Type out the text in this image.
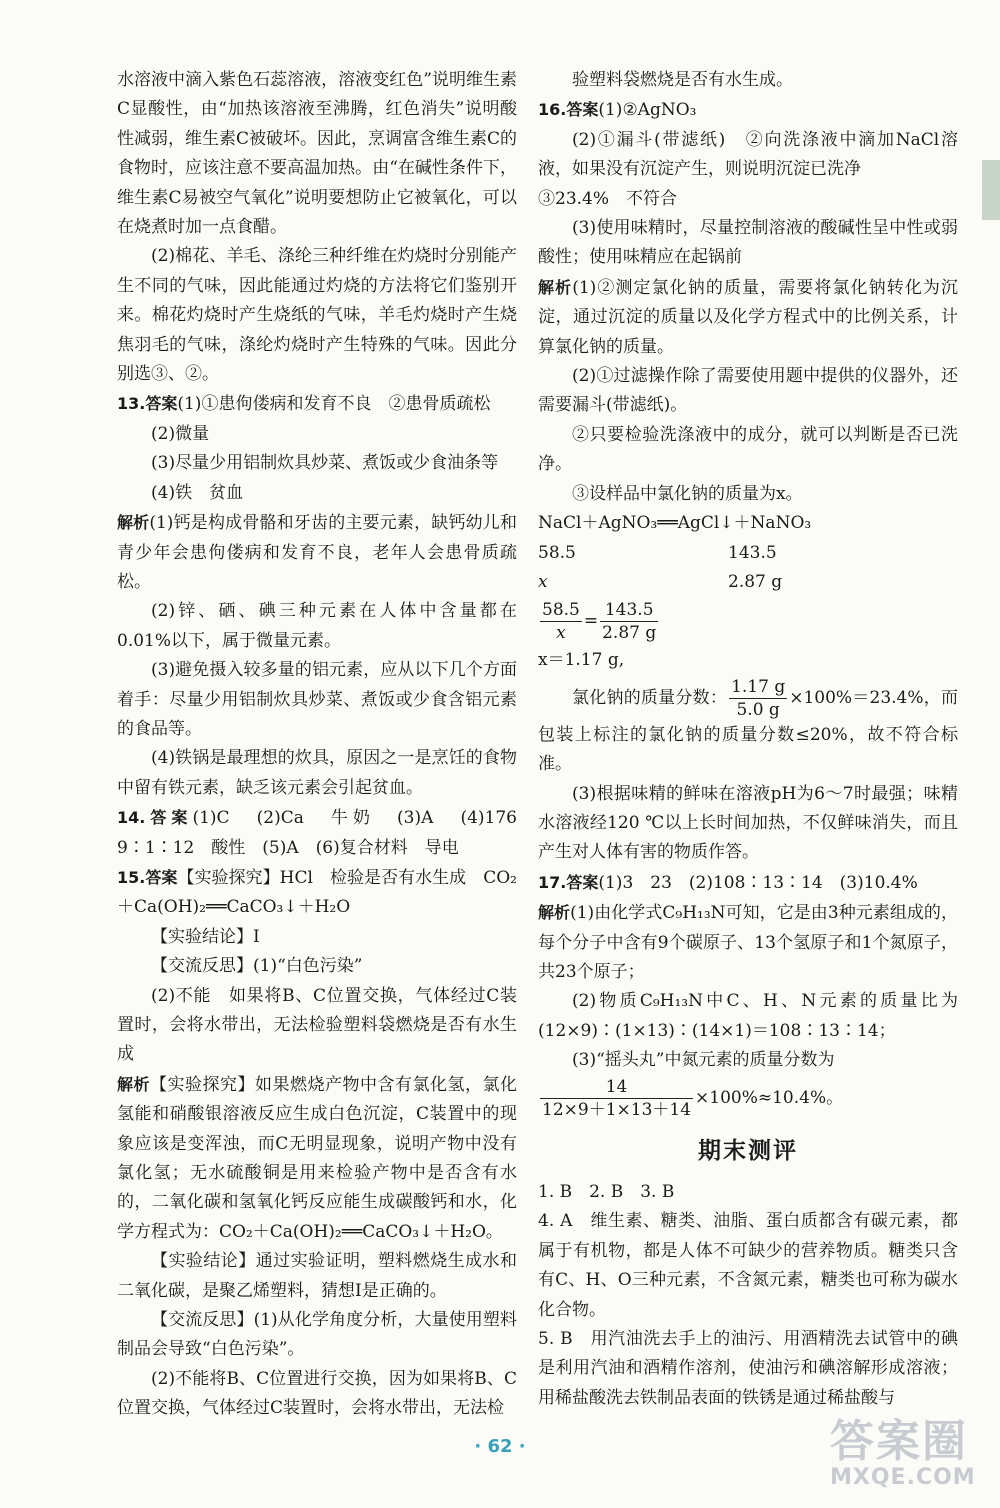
水溶液中滴入紫色石蕊溶液，溶液变红色”说明维生素C显酸性，由“加热该溶液至沸腾，红色消失”说明酸性减弱，维生素C被破坏。因此，烹调富含维生素C的食物时，应该注意不要高温加热。由“在碱性条件下，维生素C易被空气氧化”说明要想防止它被氧化，可以在烧煮时加一点食醋。

(2)棉花、羊毛、涤纶三种纤维在灼烧时分别能产生不同的气味，因此能通过灼烧的方法将它们鉴别开来。棉花灼烧时产生烧纸的气味，羊毛灼烧时产生烧焦羽毛的气味，涤纶灼烧时产生特殊的气味。因此分别选③、②。

13.答案(1)①患佝偻病和发育不良　②患骨质疏松

(2)微量

(3)尽量少用铝制炊具炒菜、煮饭或少食油条等

(4)铁　贫血

解析(1)钙是构成骨骼和牙齿的主要元素，缺钙幼儿和青少年会患佝偻病和发育不良，老年人会患骨质疏松。

(2)锌、硒、碘三种元素在人体中含量都在0.01%以下，属于微量元素。

(3)避免摄入较多量的铝元素，应从以下几个方面着手：尽量少用铝制炊具炒菜、煮饭或少食含铝元素的食品等。

(4)铁锅是最理想的炊具，原因之一是烹饪的食物中留有铁元素，缺乏该元素会引起贫血。

14.答案(1)C　(2)Ca　牛奶　(3)A　(4)176　9∶1∶12　酸性　(5)A　(6)复合材料　导电

15.答案【实验探究】HCl　检验是否有水生成　CO₂＋Ca(OH)₂══CaCO₃↓＋H₂O

【实验结论】Ⅰ

【交流反思】(1)“白色污染”

(2)不能　如果将B、C位置交换，气体经过C装置时，会将水带出，无法检验塑料袋燃烧是否有水生成

解析【实验探究】如果燃烧产物中含有氯化氢，氯化氢能和硝酸银溶液反应生成白色沉淀，C装置中的现象应该是变浑浊，而C无明显现象，说明产物中没有氯化氢；无水硫酸铜是用来检验产物中是否含有水的，二氧化碳和氢氧化钙反应能生成碳酸钙和水，化学方程式为：CO₂＋Ca(OH)₂══CaCO₃↓＋H₂O。

【实验结论】通过实验证明，塑料燃烧生成水和二氧化碳，是聚乙烯塑料，猜想Ⅰ是正确的。

【交流反思】(1)从化学角度分析，大量使用塑料制品会导致“白色污染”。

(2)不能将B、C位置进行交换，因为如果将B、C位置交换，气体经过C装置时，会将水带出，无法检

验塑料袋燃烧是否有水生成。

16.答案(1)②AgNO₃

(2)①漏斗(带滤纸)　②向洗涤液中滴加NaCl溶液，如果没有沉淀产生，则说明沉淀已洗净

③23.4%　不符合

(3)使用味精时，尽量控制溶液的酸碱性呈中性或弱酸性；使用味精应在起锅前

解析(1)②测定氯化钠的质量，需要将氯化钠转化为沉淀，通过沉淀的质量以及化学方程式中的比例关系，计算氯化钠的质量。

(2)①过滤操作除了需要使用题中提供的仪器外，还需要漏斗(带滤纸)。

②只要检验洗涤液中的成分，就可以判断是否已洗净。

③设样品中氯化钠的质量为x。

NaCl＋AgNO₃══AgCl↓＋NaNO₃

58.5	143.5
x	2.87 g
$\frac{58.5}{x} = \frac{143.5}{2.87 g}$

x＝1.17 g,

氯化钠的质量分数： $\frac{1.17 g}{5.0 g} \times 100\%=23.4\%$，而包装上标注的氯化钠的质量分数≤20%，故不符合标准。

(3)根据味精的鲜味在溶液pH为6～7时最强；味精水溶液经120 ℃以上长时间加热，不仅鲜味消失，而且产生对人体有害的物质作答。

17.答案(1)3　23　(2)108∶13∶14　(3)10.4%

解析(1)由化学式C₉H₁₃N可知，它是由3种元素组成的，每个分子中含有9个碳原子、13个氢原子和1个氮原子，共23个原子；

(2)物质C₉H₁₃N中C、H、N元素的质量比为(12×9)∶(1×13)∶(14×1)＝108∶13∶14；

(3)“摇头丸”中氮元素的质量分数为

$\frac{14}{12\times 9+1\times 13+14} \times 100\%\approx 10.4\%$。
期末测评

1. B　2. B　3. B

4. A　维生素、糖类、油脂、蛋白质都含有碳元素，都属于有机物，都是人体不可缺少的营养物质。糖类只含有C、H、O三种元素，不含氮元素，糖类也可称为碳水化合物。

5. B　用汽油洗去手上的油污、用酒精洗去试管中的碘是利用汽油和酒精作溶剂，使油污和碘溶解形成溶液；用稀盐酸洗去铁制品表面的铁锈是通过稀盐酸与

· 62 ·	答案圈
MXQE.COM
